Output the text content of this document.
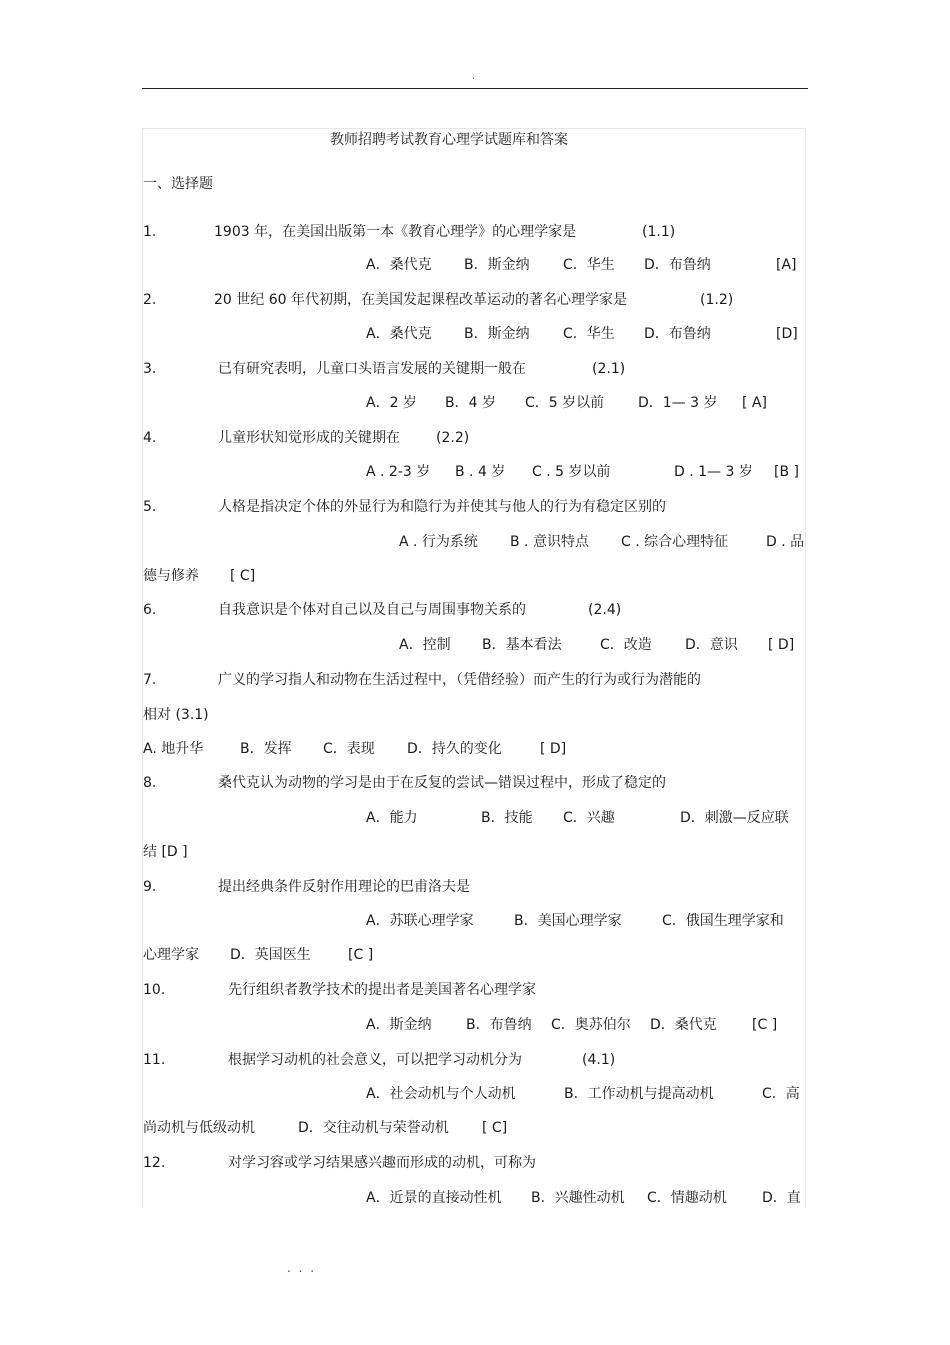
.
教师招聘考试教育心理学试题库和答案
一、选择题
1.	1903 年，在美国出版第一本《教育心理学》的心理学家是	(1.1)
A．桑代克 B．斯金纳 C．华生 D．布鲁纳	[A]
2.	20 世纪 60 年代初期，在美国发起课程改革运动的著名心理学家是	(1.2)
A．桑代克 B．斯金纳 C．华生 D．布鲁纳	[D]
3.	已有研究表明，儿童口头语言发展的关键期一般在	(2.1)
A．2 岁 B．4 岁 C．5 岁以前 D．1— 3 岁 [ A]
4.	儿童形状知觉形成的关键期在	(2.2)
A . 2-3 岁 B . 4 岁 C . 5 岁以前	D . 1— 3 岁 [B ]
5.	人格是指决定个体的外显行为和隐行为并使其与他人的行为有稳定区别的
A . 行为系统 B . 意识特点 C . 综合心理特征	D . 品
德与修养 [ C]
6.	自我意识是个体对自己以及自己与周围事物关系的	(2.4)
A．控制 B．基本看法	C．改造 D．意识 [ D]
7.	广义的学习指人和动物在生活过程中，（凭借经验）而产生的行为或行为潜能的
相对 (3.1)
A. 地升华	B．发挥 C．表现 D．持久的变化	[ D]
8.	桑代克认为动物的学习是由于在反复的尝试—错误过程中，形成了稳定的
A．能力	B．技能 C．兴趣	D．刺激—反应联
结 [D ]
9.	提出经典条件反射作用理论的巴甫洛夫是
A．苏联心理学家	B．美国心理学家	C．俄国生理学家和
心理学家 D．英国医生	[C ]
10.	先行组织者教学技术的提出者是美国著名心理学家
A．斯金纳 B．布鲁纳 C．奥苏伯尔 D．桑代克	[C ]
11.	根据学习动机的社会意义，可以把学习动机分为	(4.1)
A．社会动机与个人动机	B．工作动机与提高动机	C．高
尚动机与低级动机	D．交往动机与荣誉动机 [ C]
12.	对学习容或学习结果感兴趣而形成的动机，可称为
A．近景的直接动性机 B．兴趣性动机 C．情趣动机	D．直
. . .
